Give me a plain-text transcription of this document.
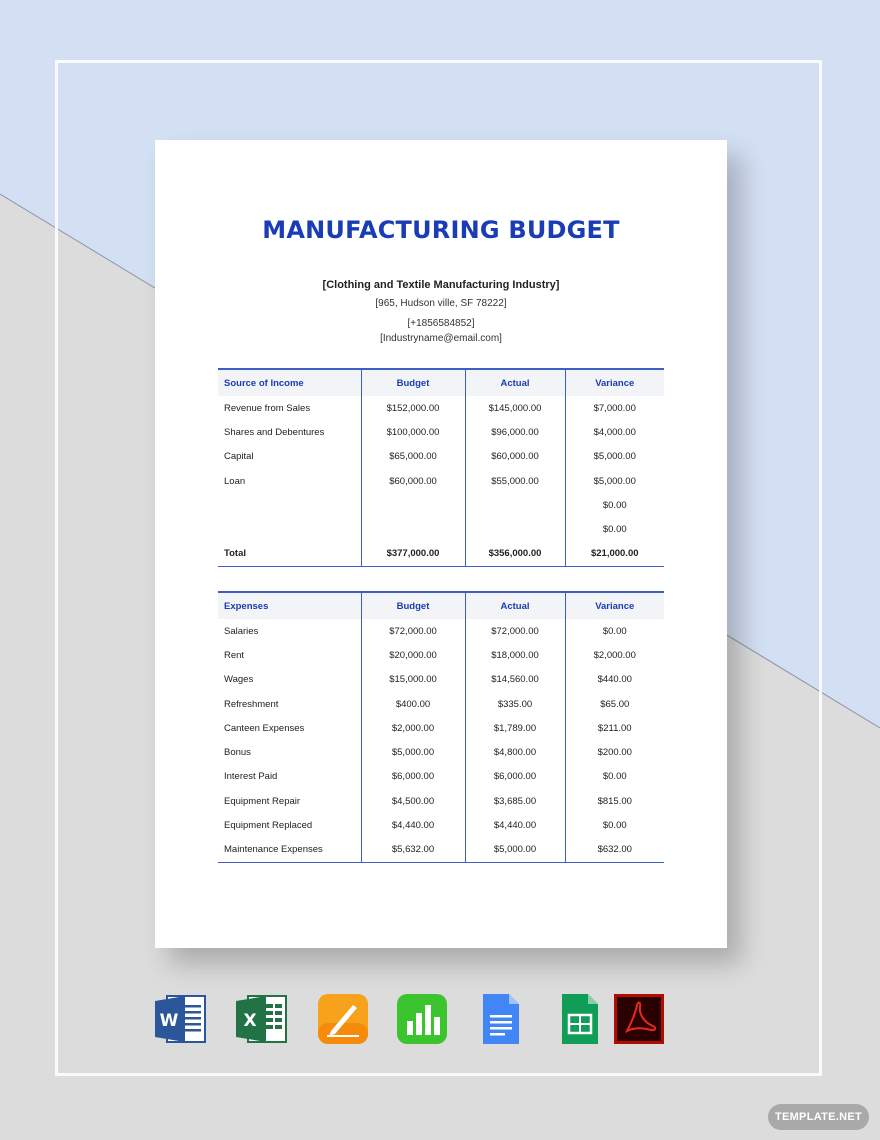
MANUFACTURING BUDGET
[Clothing and Textile Manufacturing Industry]
[965, Hudson ville, SF 78222]
[+1856584852]
[Industryname@email.com]
Source of Income	Budget	Actual	Variance
Revenue from Sales	$152,000.00	$145,000.00	$7,000.00
Shares and Debentures	$100,000.00	$96,000.00	$4,000.00
Capital	$65,000.00	$60,000.00	$5,000.00
Loan	$60,000.00	$55,000.00	$5,000.00
			$0.00
			$0.00
Total	$377,000.00	$356,000.00	$21,000.00
Expenses	Budget	Actual	Variance
Salaries	$72,000.00	$72,000.00	$0.00
Rent	$20,000.00	$18,000.00	$2,000.00
Wages	$15,000.00	$14,560.00	$440.00
Refreshment	$400.00	$335.00	$65.00
Canteen Expenses	$2,000.00	$1,789.00	$211.00
Bonus	$5,000.00	$4,800.00	$200.00
Interest Paid	$6,000.00	$6,000.00	$0.00
Equipment Repair	$4,500.00	$3,685.00	$815.00
Equipment Replaced	$4,440.00	$4,440.00	$0.00
Maintenance Expenses	$5,632.00	$5,000.00	$632.00
W	X
TEMPLATE.NET
